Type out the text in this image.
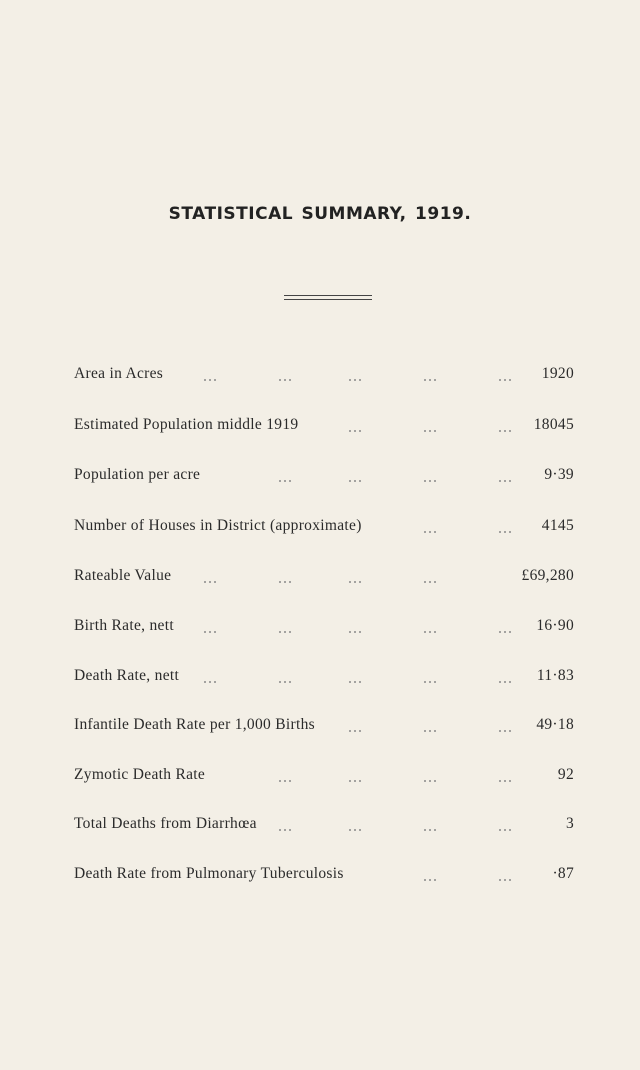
STATISTICAL SUMMARY, 1919.
Area in Acres	1920
Estimated Population middle 1919	18045
Population per acre	9·39
Number of Houses in District (approximate)	4145
Rateable Value	£69,280
Birth Rate, nett	16·90
Death Rate, nett	11·83
Infantile Death Rate per 1,000 Births	49·18
Zymotic Death Rate	92
Total Deaths from Diarrhœa	3
Death Rate from Pulmonary Tuberculosis	·87
